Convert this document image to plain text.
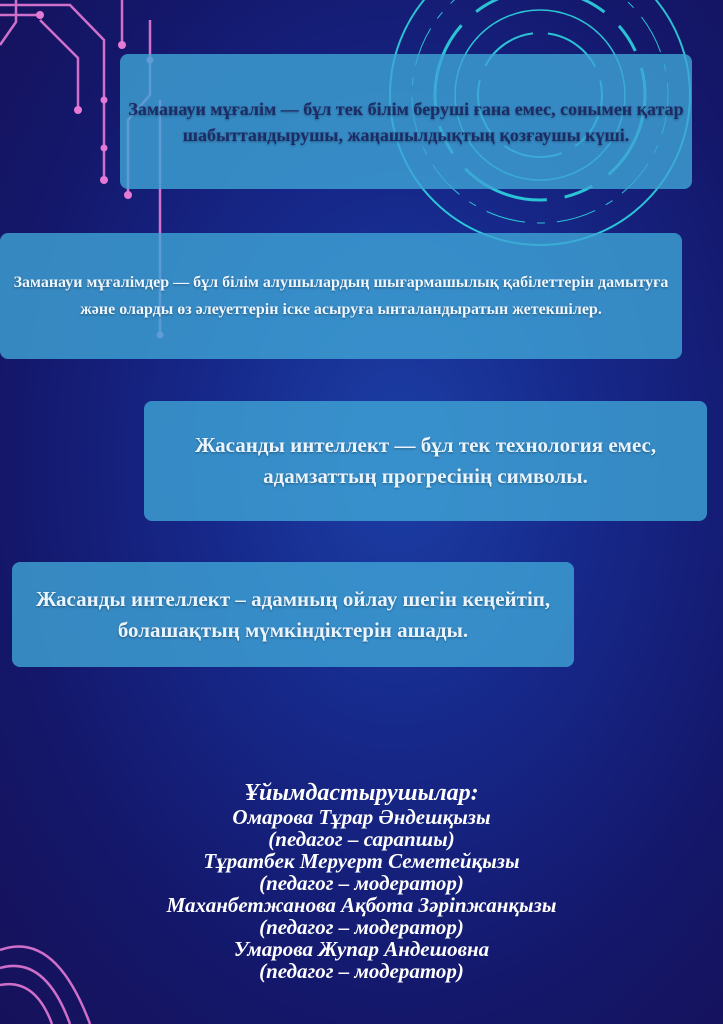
Заманауи мұғалім — бұл тек білім беруші ғана емес, сонымен қатар шабыттандырушы, жаңашылдықтың қозғаушы күші.

Заманауи мұғалімдер — бұл білім алушылардың шығармашылық қабілеттерін дамытуға және оларды өз әлеуеттерін іске асыруға ынталандыратын жетекшілер.

Жасанды интеллект — бұл тек технология емес, адамзаттың прогресінің символы.

Жасанды интеллект – адамның ойлау шегін кеңейтіп, болашақтың мүмкіндіктерін ашады.

Ұйымдастырушылар:
Омарова Тұрар Әндешқызы
(педагог – сарапшы)
Тұратбек Меруерт Семетейқызы
(педагог – модератор)
Маханбетжанова Ақбота Зәріпжанқызы
(педагог – модератор)
Умарова Жупар Андешовна
(педагог – модератор)
